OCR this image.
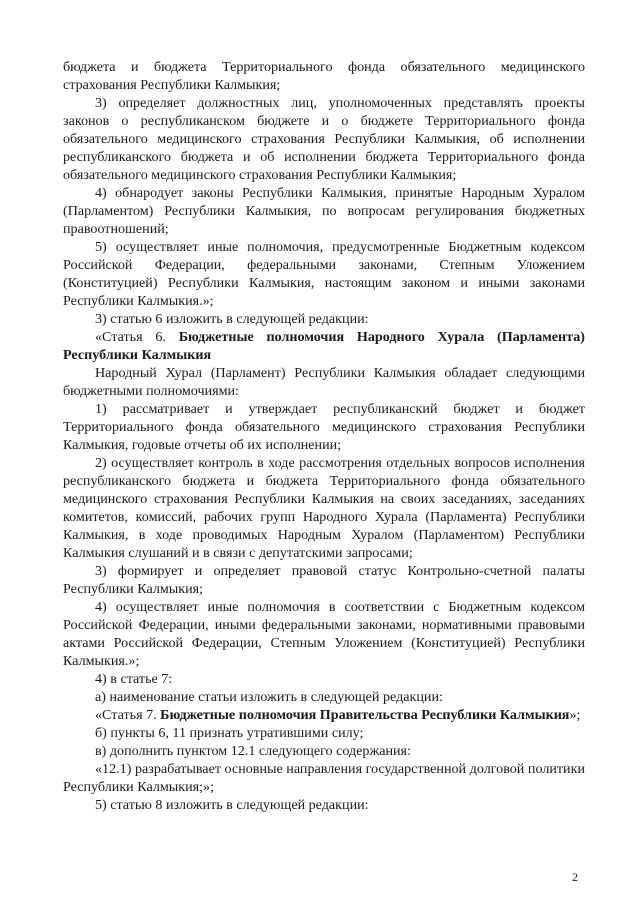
бюджета и бюджета Территориального фонда обязательного медицинского страхования Республики Калмыкия;

3) определяет должностных лиц, уполномоченных представлять проекты законов о республиканском бюджете и о бюджете Территориального фонда обязательного медицинского страхования Республики Калмыкия, об исполнении республиканского бюджета и об исполнении бюджета Территориального фонда обязательного медицинского страхования Республики Калмыкия;

4) обнародует законы Республики Калмыкия, принятые Народным Хуралом (Парламентом) Республики Калмыкия, по вопросам регулирования бюджетных правоотношений;

5) осуществляет иные полномочия, предусмотренные Бюджетным кодексом Российской Федерации, федеральными законами, Степным Уложением (Конституцией) Республики Калмыкия, настоящим законом и иными законами Республики Калмыкия.»;

3) статью 6 изложить в следующей редакции:

«Статья 6. Бюджетные полномочия Народного Хурала (Парламента) Республики Калмыкия

Народный Хурал (Парламент) Республики Калмыкия обладает следующими бюджетными полномочиями:

1) рассматривает и утверждает республиканский бюджет и бюджет Территориального фонда обязательного медицинского страхования Республики Калмыкия, годовые отчеты об их исполнении;

2) осуществляет контроль в ходе рассмотрения отдельных вопросов исполнения республиканского бюджета и бюджета Территориального фонда обязательного медицинского страхования Республики Калмыкия на своих заседаниях, заседаниях комитетов, комиссий, рабочих групп Народного Хурала (Парламента) Республики Калмыкия, в ходе проводимых Народным Хуралом (Парламентом) Республики Калмыкия слушаний и в связи с депутатскими запросами;

3) формирует и определяет правовой статус Контрольно-счетной палаты Республики Калмыкия;

4) осуществляет иные полномочия в соответствии с Бюджетным кодексом Российской Федерации, иными федеральными законами, нормативными правовыми актами Российской Федерации, Степным Уложением (Конституцией) Республики Калмыкия.»;

4) в статье 7:

а) наименование статьи изложить в следующей редакции:

«Статья 7. Бюджетные полномочия Правительства Республики Калмыкия»;

б) пункты 6, 11 признать утратившими силу;

в) дополнить пунктом 12.1 следующего содержания:

«12.1) разрабатывает основные направления государственной долговой политики Республики Калмыкия;»;

5) статью 8 изложить в следующей редакции:

2
